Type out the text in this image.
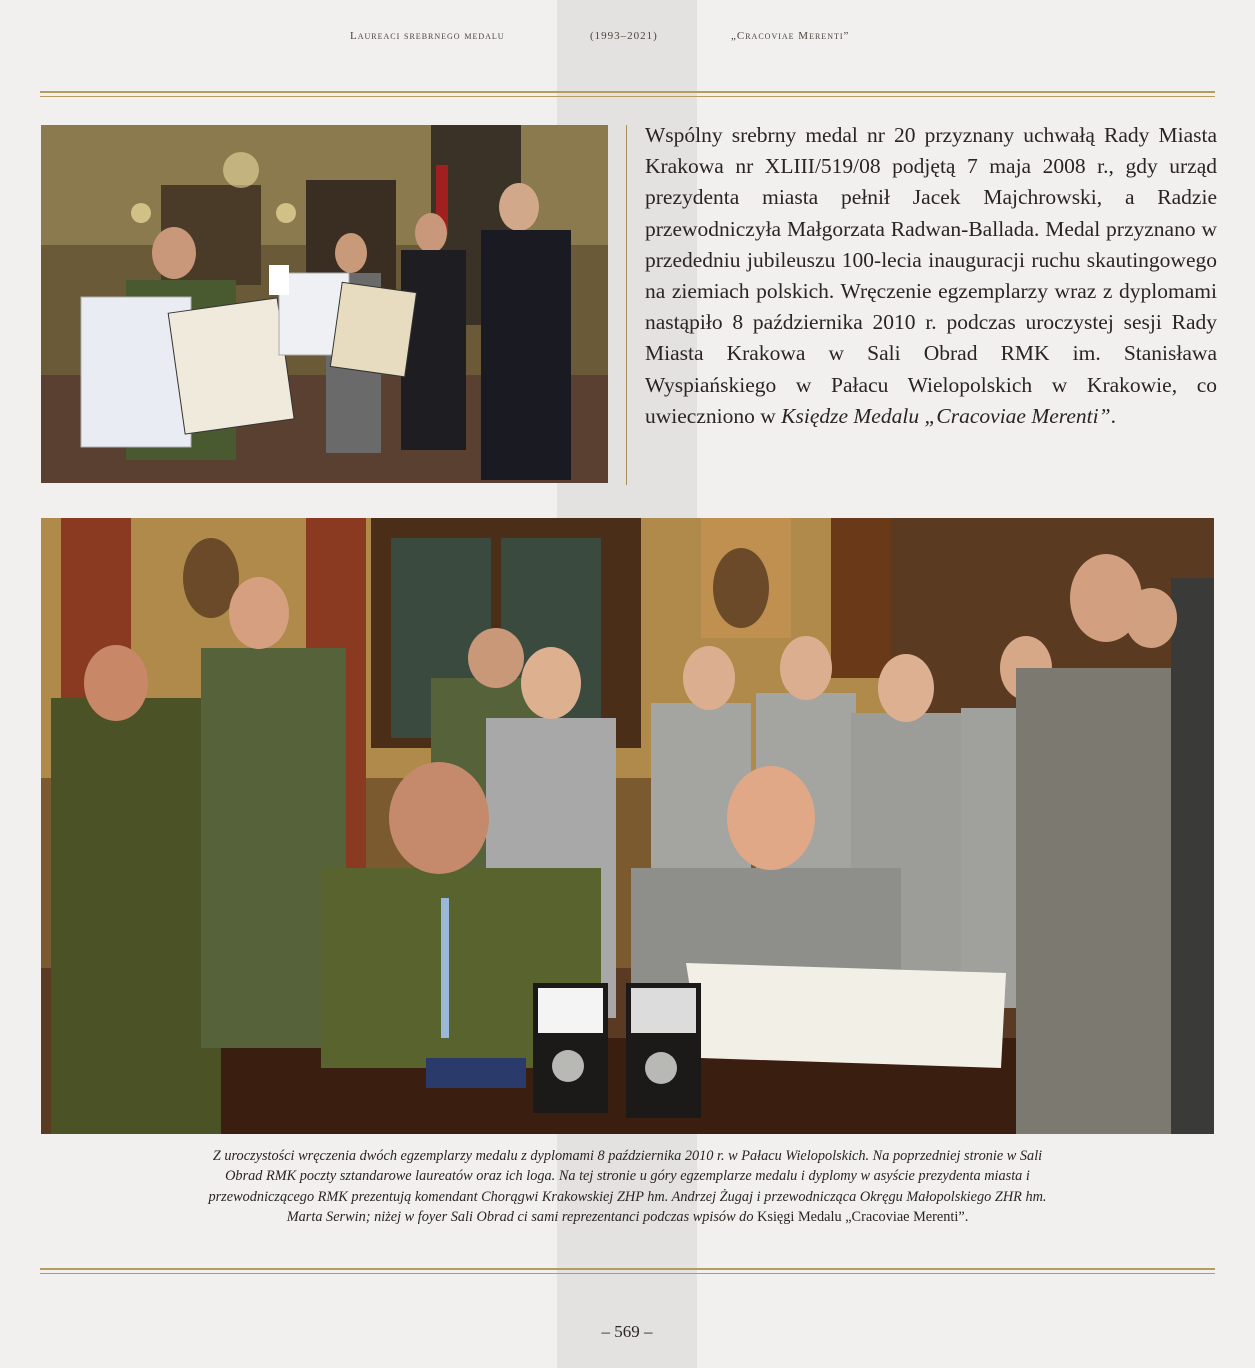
Laureaci srebrnego medalu	(1993–2021)	„Cracoviae Merenti”

Wspólny srebrny medal nr 20 przyznany uchwałą Rady Miasta Krakowa nr XLIII/519/08 podjętą 7 maja 2008 r., gdy urząd prezydenta miasta pełnił Jacek Majchrowski, a Radzie przewodniczyła Małgorzata Radwan-Ballada. Medal przyznano w przededniu jubileuszu 100-lecia inauguracji ruchu skautingowego na ziemiach polskich. Wręczenie egzemplarzy wraz z dyplomami nastąpiło 8 października 2010 r. podczas uroczystej sesji Rady Miasta Krakowa w Sali Obrad RMK im. Stanisława Wyspiańskiego w Pałacu Wielopolskich w Krakowie, co uwieczniono w Księdze Medalu „Cracoviae Merenti”.

Z uroczystości wręczenia dwóch egzemplarzy medalu z dyplomami 8 października 2010 r. w Pałacu Wielopolskich. Na poprzedniej stronie w Sali Obrad RMK poczty sztandarowe laureatów oraz ich loga. Na tej stronie u góry egzemplarze medalu i dyplomy w asyście prezydenta miasta i przewodniczącego RMK prezentują komendant Chorągwi Krakowskiej ZHP hm. Andrzej Żugaj i przewodnicząca Okręgu Małopolskiego ZHR hm. Marta Serwin; niżej w foyer Sali Obrad ci sami reprezentanci podczas wpisów do Księgi Medalu „Cracoviae Merenti”.

– 569 –
